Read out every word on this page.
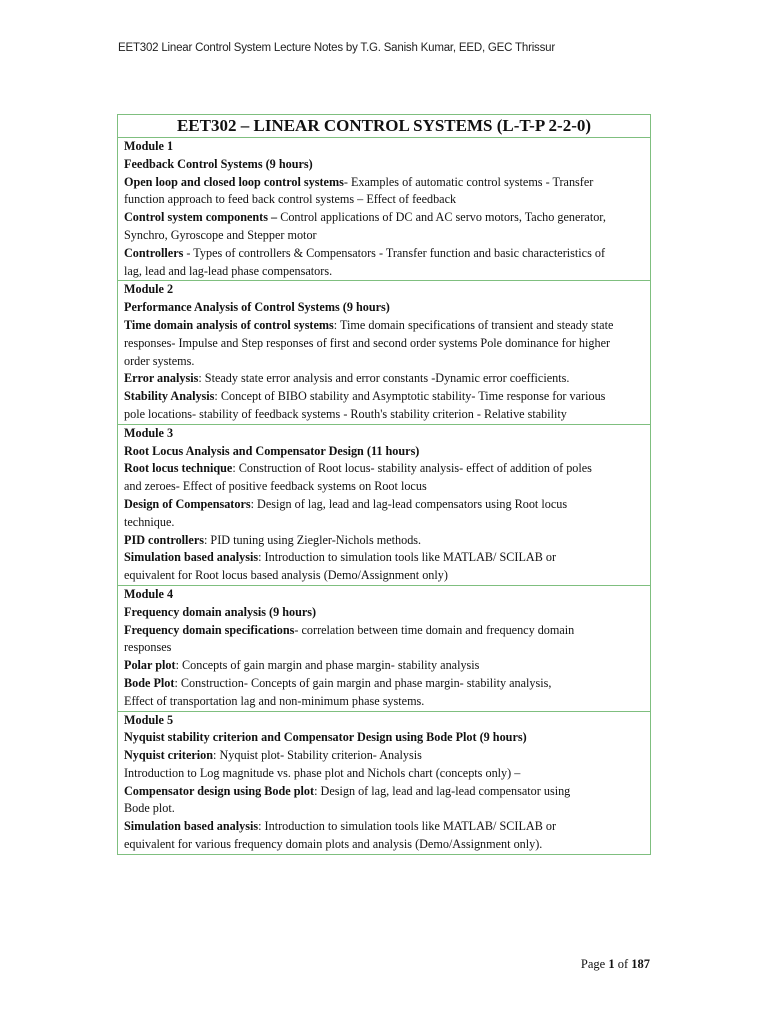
EET302 Linear Control System Lecture Notes by T.G. Sanish Kumar, EED, GEC Thrissur
EET302 – LINEAR CONTROL SYSTEMS (L-T-P 2-2-0)
Module 1
Feedback Control Systems (9 hours)
Open loop and closed loop control systems- Examples of automatic control systems - Transfer
function approach to feed back control systems – Effect of feedback
Control system components – Control applications of DC and AC servo motors, Tacho generator,
Synchro, Gyroscope and Stepper motor
Controllers - Types of controllers & Compensators - Transfer function and basic characteristics of
lag, lead and lag-lead phase compensators.
Module 2
Performance Analysis of Control Systems (9 hours)
Time domain analysis of control systems: Time domain specifications of transient and steady state
responses- Impulse and Step responses of first and second order systems Pole dominance for higher
order systems.
Error analysis: Steady state error analysis and error constants -Dynamic error coefficients.
Stability Analysis: Concept of BIBO stability and Asymptotic stability- Time response for various
pole locations- stability of feedback systems - Routh's stability criterion - Relative stability
Module 3
Root Locus Analysis and Compensator Design (11 hours)
Root locus technique: Construction of Root locus- stability analysis- effect of addition of poles
and zeroes- Effect of positive feedback systems on Root locus
Design of Compensators: Design of lag, lead and lag-lead compensators using Root locus
technique.
PID controllers: PID tuning using Ziegler-Nichols methods.
Simulation based analysis: Introduction to simulation tools like MATLAB/ SCILAB or
equivalent for Root locus based analysis (Demo/Assignment only)
Module 4
Frequency domain analysis (9 hours)
Frequency domain specifications- correlation between time domain and frequency domain
responses
Polar plot: Concepts of gain margin and phase margin- stability analysis
Bode Plot: Construction- Concepts of gain margin and phase margin- stability analysis,
Effect of transportation lag and non-minimum phase systems.
Module 5
Nyquist stability criterion and Compensator Design using Bode Plot (9 hours)
Nyquist criterion: Nyquist plot- Stability criterion- Analysis
Introduction to Log magnitude vs. phase plot and Nichols chart (concepts only) –
Compensator design using Bode plot: Design of lag, lead and lag-lead compensator using
Bode plot.
Simulation based analysis: Introduction to simulation tools like MATLAB/ SCILAB or
equivalent for various frequency domain plots and analysis (Demo/Assignment only).
Page 1 of 187
